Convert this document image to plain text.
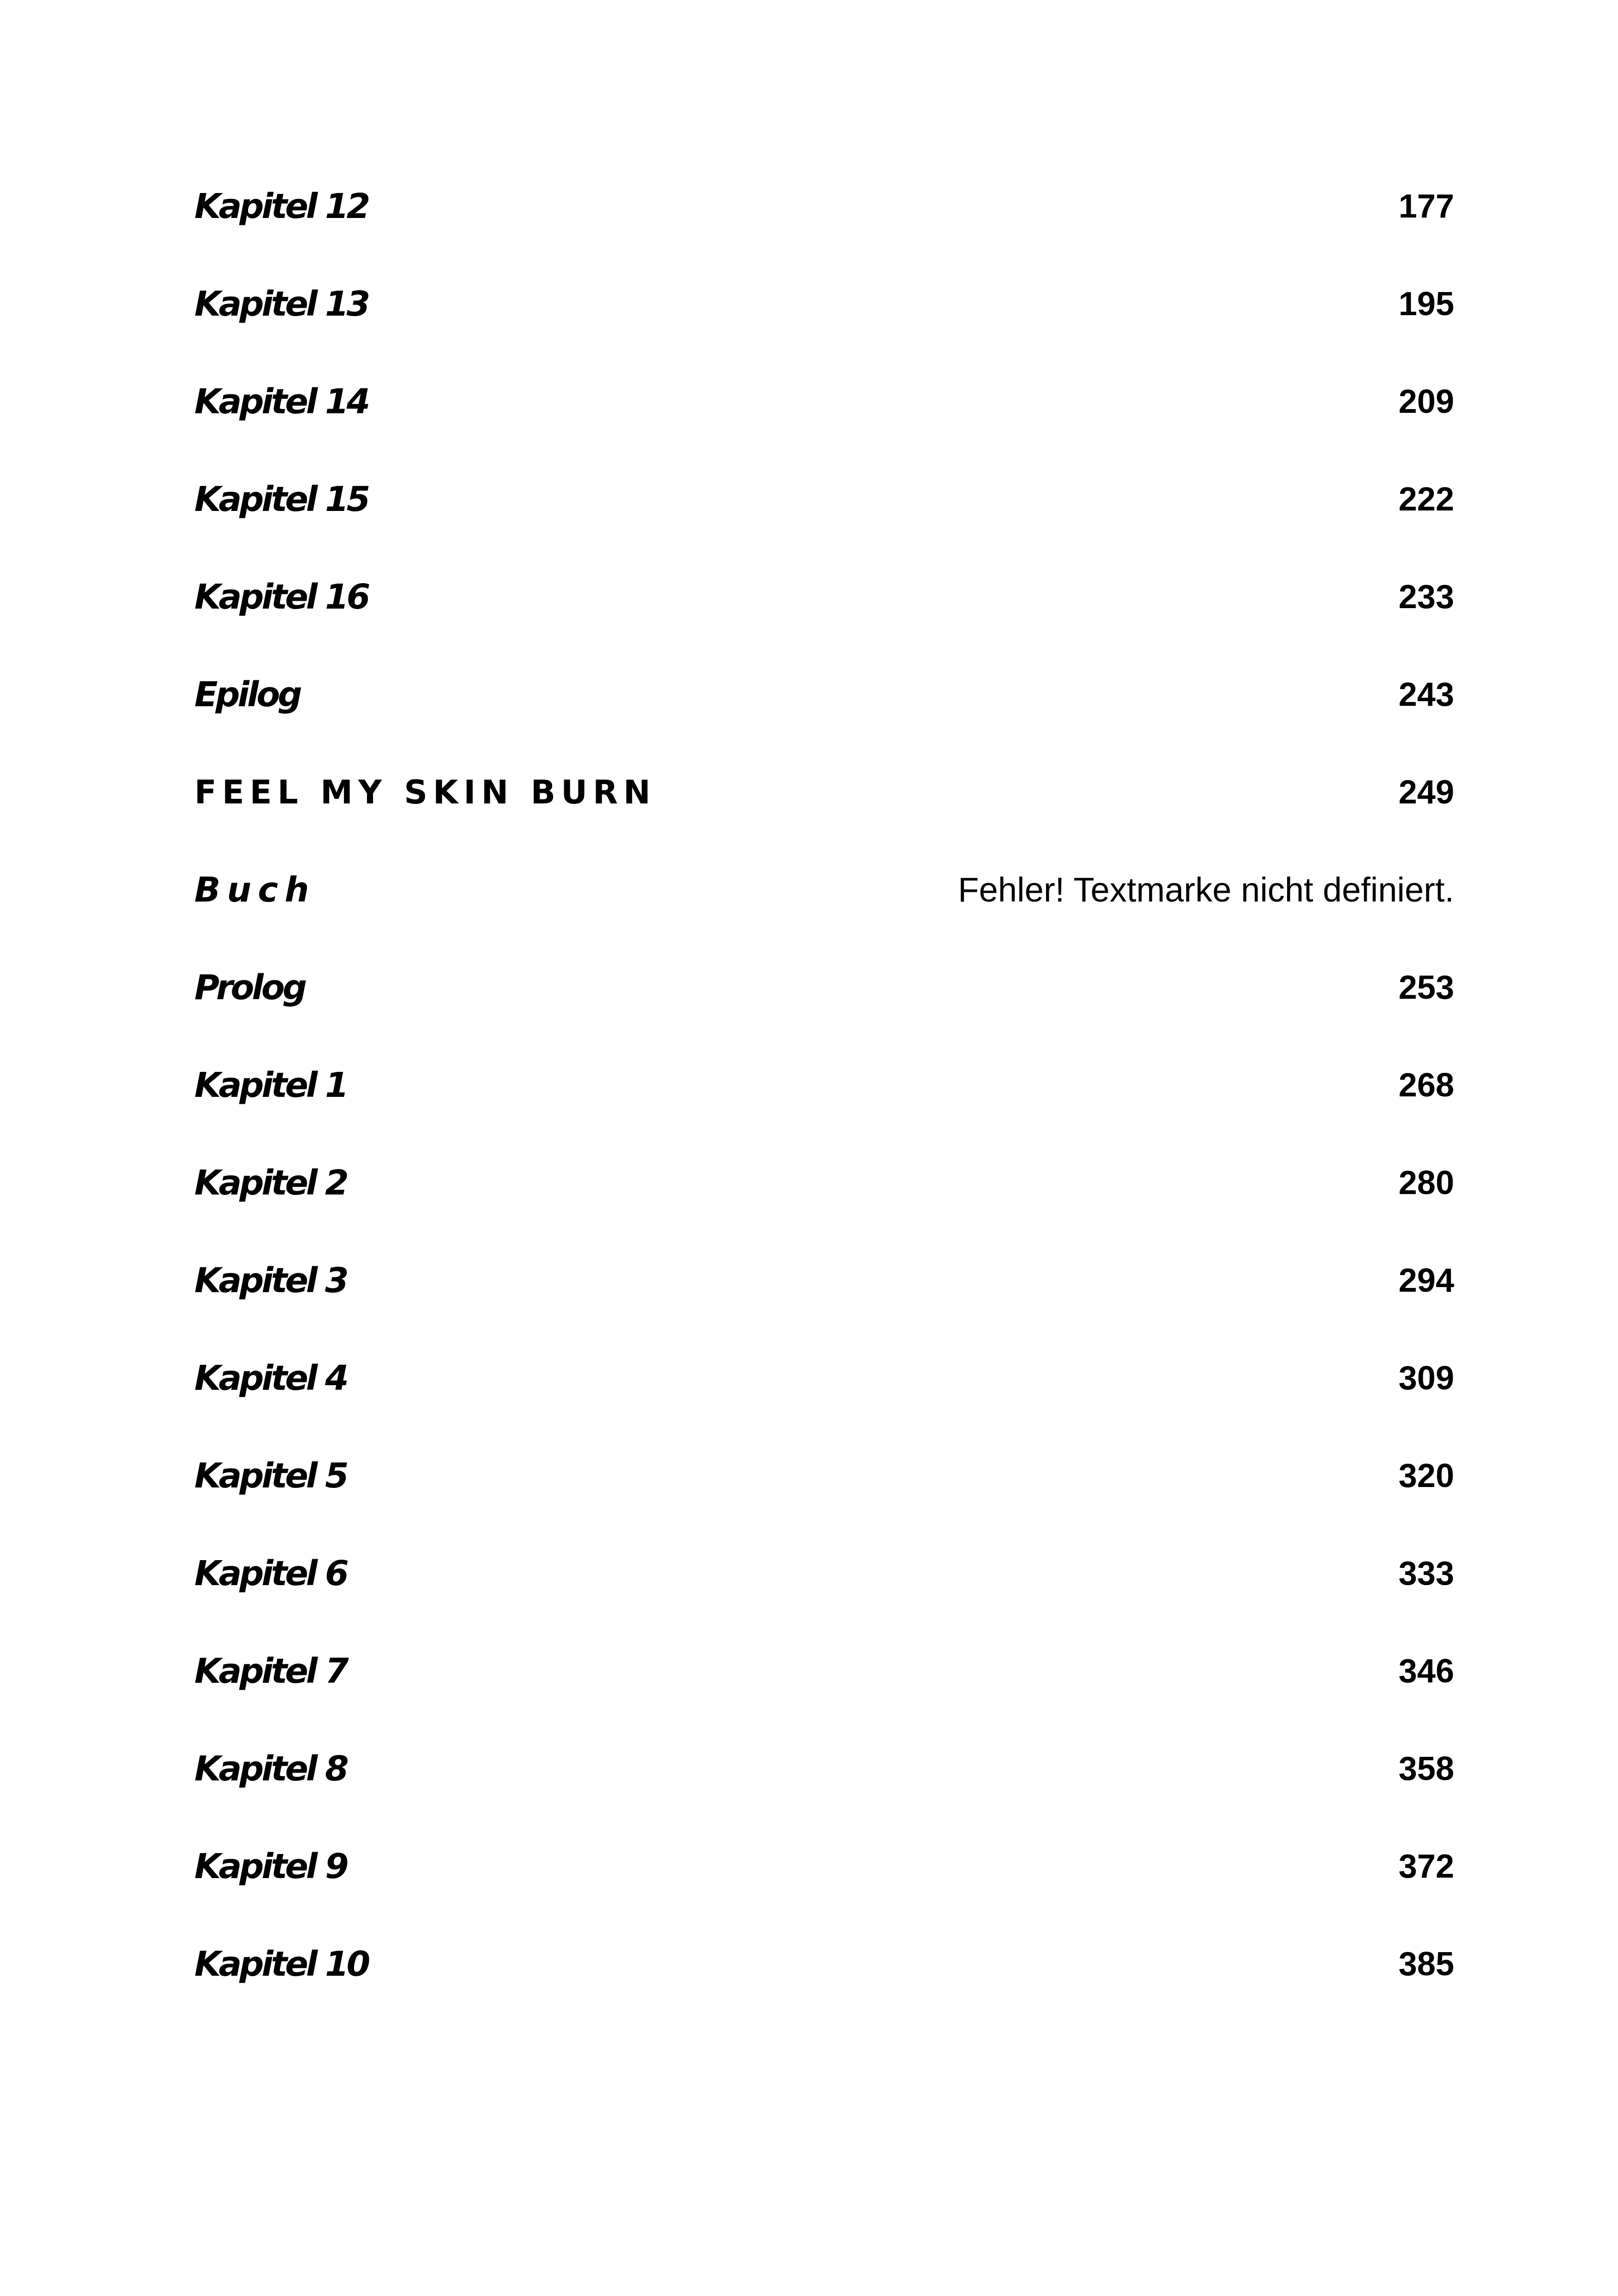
Kapitel 12	177
Kapitel 13	195
Kapitel 14	209
Kapitel 15	222
Kapitel 16	233
Epilog	243
FEEL MY SKIN BURN	249
Buch	Fehler! Textmarke nicht definiert.
Prolog	253
Kapitel 1	268
Kapitel 2	280
Kapitel 3	294
Kapitel 4	309
Kapitel 5	320
Kapitel 6	333
Kapitel 7	346
Kapitel 8	358
Kapitel 9	372
Kapitel 10	385
